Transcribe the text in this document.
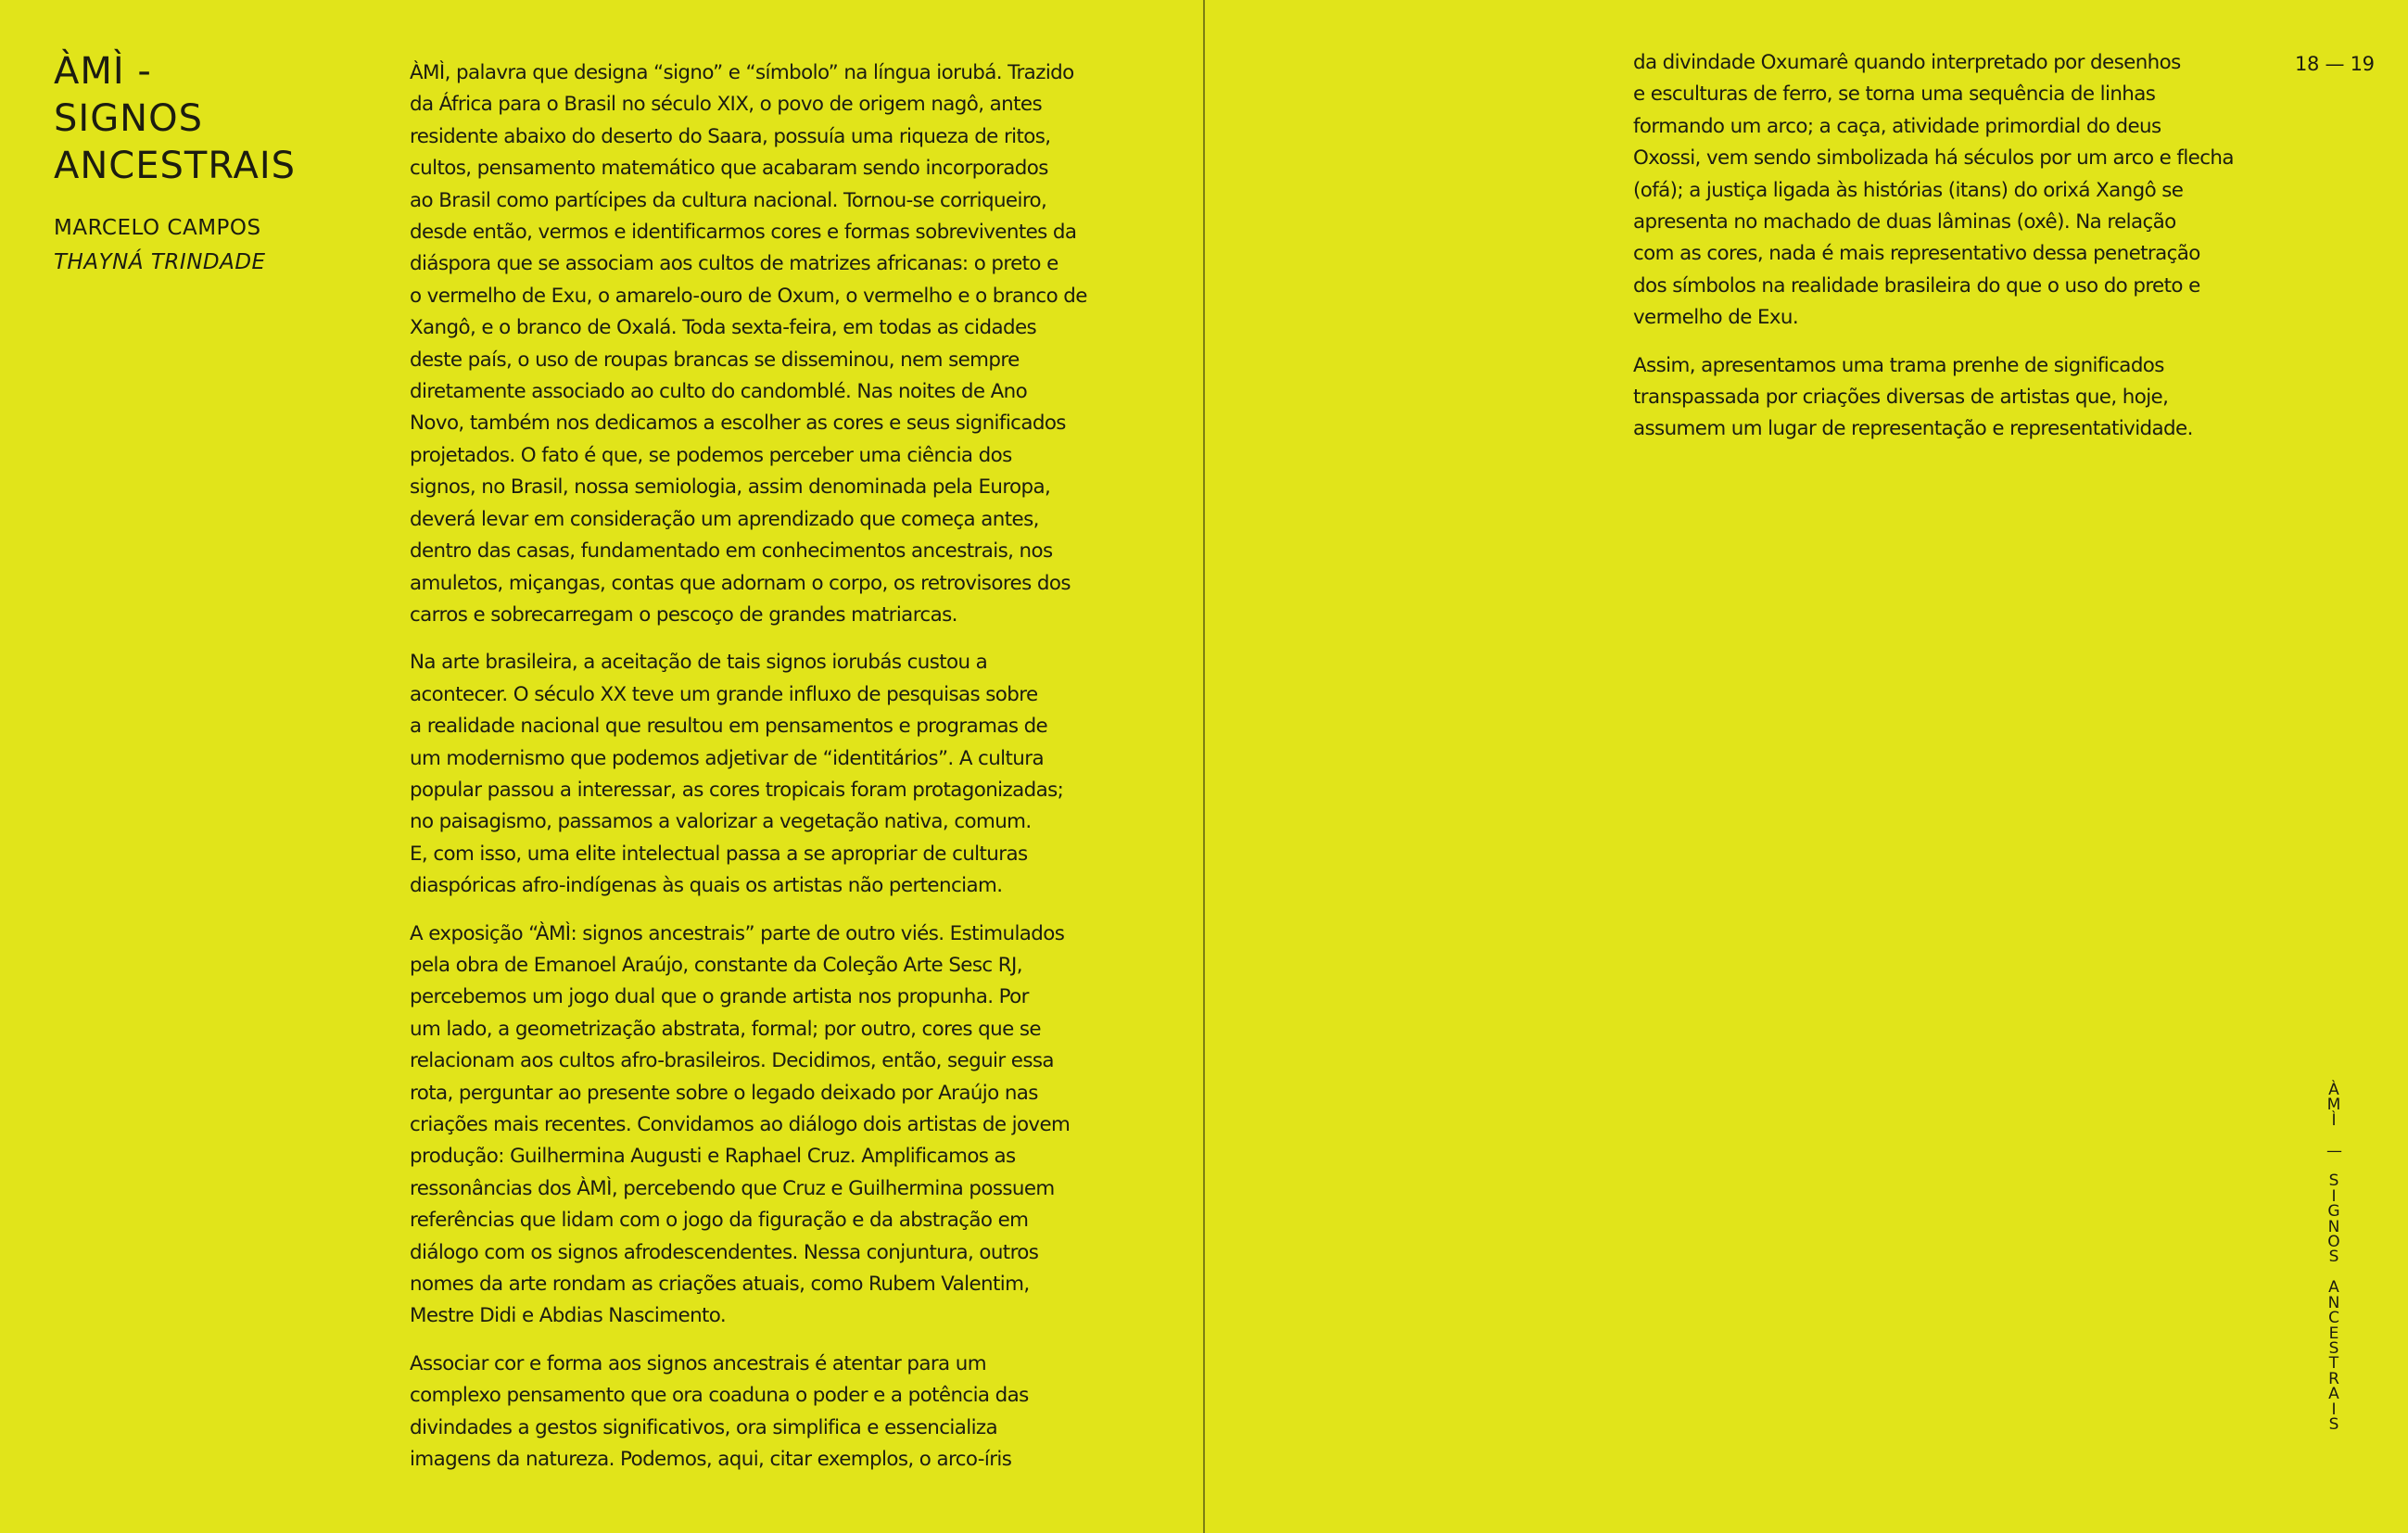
ÀMÌ -
SIGNOS
ANCESTRAIS
MARCELO CAMPOS
THAYNÁ TRINDADE

ÀMÌ, palavra que designa “signo” e “símbolo” na língua iorubá. Trazido
da África para o Brasil no século XIX, o povo de origem nagô, antes
residente abaixo do deserto do Saara, possuía uma riqueza de ritos,
cultos, pensamento matemático que acabaram sendo incorporados
ao Brasil como partícipes da cultura nacional. Tornou-se corriqueiro,
desde então, vermos e identificarmos cores e formas sobreviventes da
diáspora que se associam aos cultos de matrizes africanas: o preto e
o vermelho de Exu, o amarelo-ouro de Oxum, o vermelho e o branco de
Xangô, e o branco de Oxalá. Toda sexta-feira, em todas as cidades
deste país, o uso de roupas brancas se disseminou, nem sempre
diretamente associado ao culto do candomblé. Nas noites de Ano
Novo, também nos dedicamos a escolher as cores e seus significados
projetados. O fato é que, se podemos perceber uma ciência dos
signos, no Brasil, nossa semiologia, assim denominada pela Europa,
deverá levar em consideração um aprendizado que começa antes,
dentro das casas, fundamentado em conhecimentos ancestrais, nos
amuletos, miçangas, contas que adornam o corpo, os retrovisores dos
carros e sobrecarregam o pescoço de grandes matriarcas.

Na arte brasileira, a aceitação de tais signos iorubás custou a
acontecer. O século XX teve um grande influxo de pesquisas sobre
a realidade nacional que resultou em pensamentos e programas de
um modernismo que podemos adjetivar de “identitários”. A cultura
popular passou a interessar, as cores tropicais foram protagonizadas;
no paisagismo, passamos a valorizar a vegetação nativa, comum.
E, com isso, uma elite intelectual passa a se apropriar de culturas
diaspóricas afro-indígenas às quais os artistas não pertenciam.

A exposição “ÀMÌ: signos ancestrais” parte de outro viés. Estimulados
pela obra de Emanoel Araújo, constante da Coleção Arte Sesc RJ,
percebemos um jogo dual que o grande artista nos propunha. Por
um lado, a geometrização abstrata, formal; por outro, cores que se
relacionam aos cultos afro-brasileiros. Decidimos, então, seguir essa
rota, perguntar ao presente sobre o legado deixado por Araújo nas
criações mais recentes. Convidamos ao diálogo dois artistas de jovem
produção: Guilhermina Augusti e Raphael Cruz. Amplificamos as
ressonâncias dos ÀMÌ, percebendo que Cruz e Guilhermina possuem
referências que lidam com o jogo da figuração e da abstração em
diálogo com os signos afrodescendentes. Nessa conjuntura, outros
nomes da arte rondam as criações atuais, como Rubem Valentim,
Mestre Didi e Abdias Nascimento.

Associar cor e forma aos signos ancestrais é atentar para um
complexo pensamento que ora coaduna o poder e a potência das
divindades a gestos significativos, ora simplifica e essencializa
imagens da natureza. Podemos, aqui, citar exemplos, o arco-íris

da divindade Oxumarê quando interpretado por desenhos
e esculturas de ferro, se torna uma sequência de linhas
formando um arco; a caça, atividade primordial do deus
Oxossi, vem sendo simbolizada há séculos por um arco e flecha
(ofá); a justiça ligada às histórias (itans) do orixá Xangô se
apresenta no machado de duas lâminas (oxê). Na relação
com as cores, nada é mais representativo dessa penetração
dos símbolos na realidade brasileira do que o uso do preto e
vermelho de Exu.

Assim, apresentamos uma trama prenhe de significados
transpassada por criações diversas de artistas que, hoje,
assumem um lugar de representação e representatividade.

18 — 19
À
M
Ì

—

S
I
G
N
O
S

A
N
C
E
S
T
R
A
I
S
